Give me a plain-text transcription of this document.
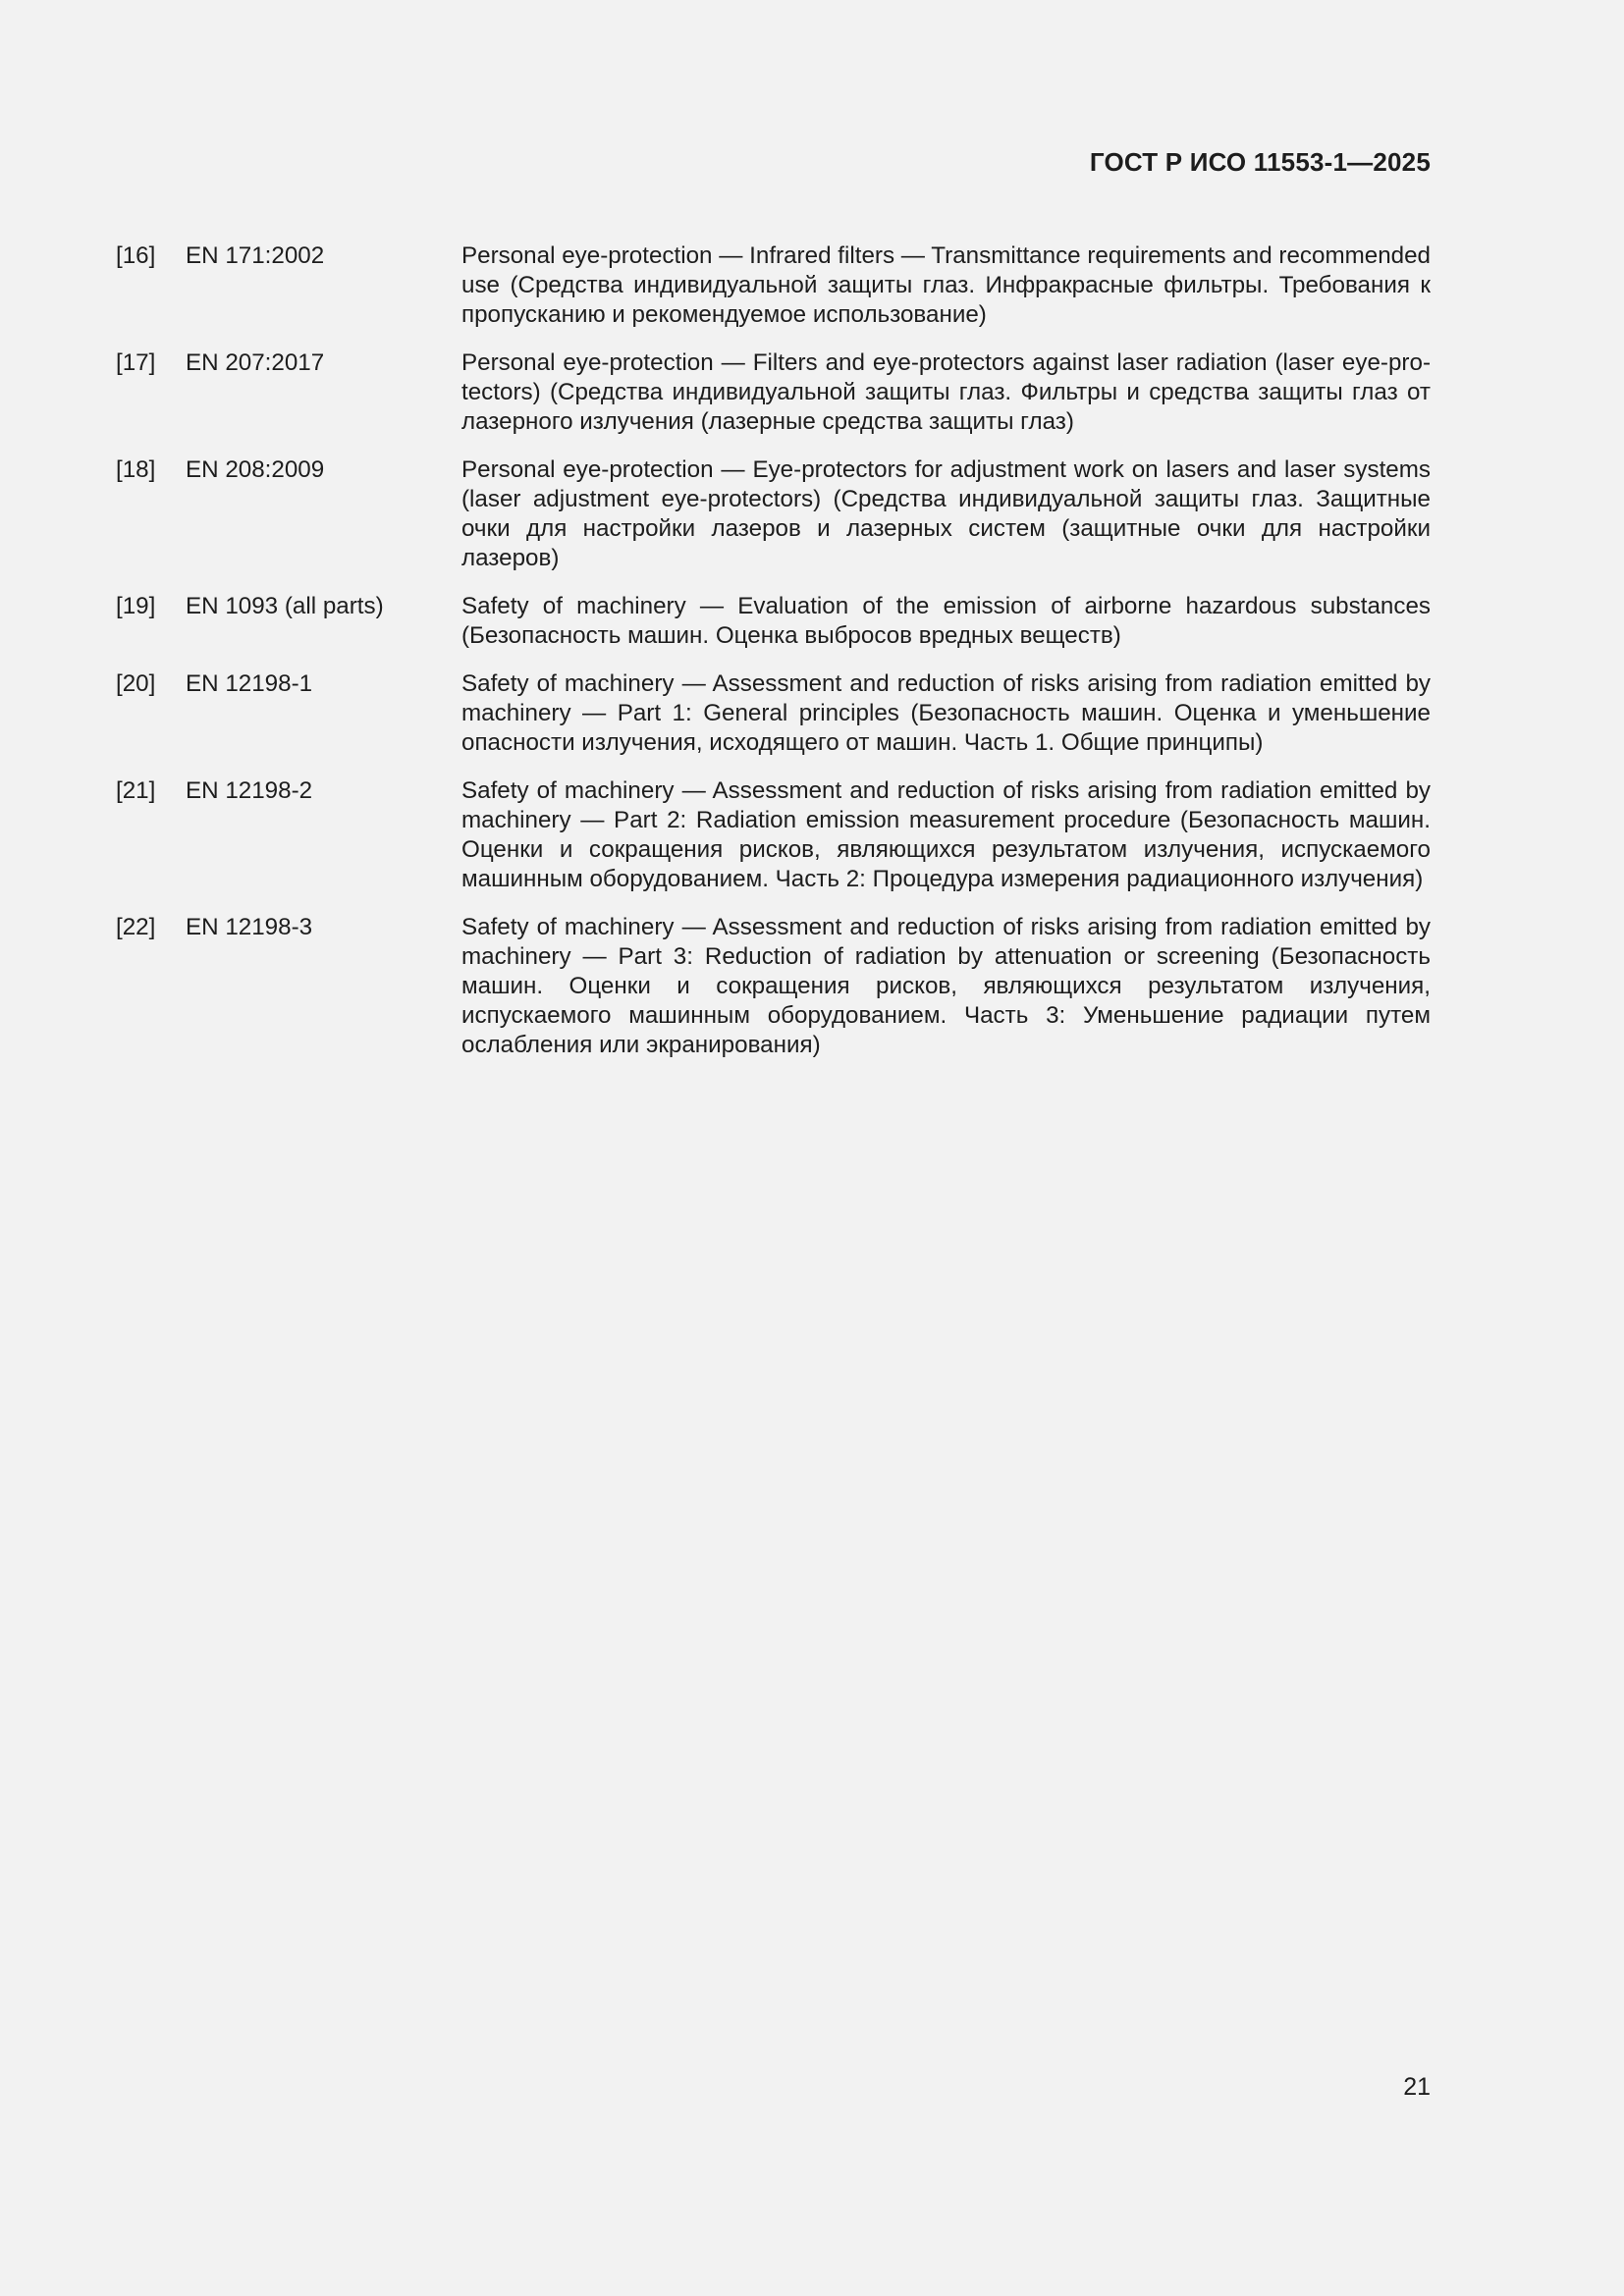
ГОСТ Р ИСО 11553-1—2025
[16]	EN 171:2002	Personal eye-protection — Infrared filters — Transmittance requirements and recommended use (Средства индивидуальной защиты глаз. Инфракрасные фильтры. Требования к пропусканию и рекомендуемое использование)
[17]	EN 207:2017	Personal eye-protection — Filters and eye-protectors against laser radiation (laser eye-protectors) (Средства индивидуальной защиты глаз. Фильтры и средства защиты глаз от лазерного излучения (лазерные средства защиты глаз)
[18]	EN 208:2009	Personal eye-protection — Eye-protectors for adjustment work on lasers and laser systems (laser adjustment eye-protectors) (Средства индивидуальной защиты глаз. Защитные очки для настройки лазеров и лазерных систем (защитные очки для настройки лазеров)
[19]	EN 1093 (all parts)	Safety of machinery — Evaluation of the emission of airborne hazardous substances (Безопасность машин. Оценка выбросов вредных веществ)
[20]	EN 12198-1	Safety of machinery — Assessment and reduction of risks arising from radiation emitted by machinery — Part 1: General principles (Безопасность машин. Оценка и уменьшение опасности излучения, исходящего от машин. Часть 1. Общие принципы)
[21]	EN 12198-2	Safety of machinery — Assessment and reduction of risks arising from radiation emitted by machinery — Part 2: Radiation emission measurement procedure (Безопасность машин. Оценки и сокращения рисков, являющихся результатом излучения, испускаемого машинным оборудованием. Часть 2: Процедура измерения радиационного излучения)
[22]	EN 12198-3	Safety of machinery — Assessment and reduction of risks arising from radiation emitted by machinery — Part 3: Reduction of radiation by attenuation or screening (Безопасность машин. Оценки и сокращения рисков, являющихся результатом излучения, испускаемого машинным оборудованием. Часть 3: Уменьшение радиации путем ослабления или экранирования)
21
